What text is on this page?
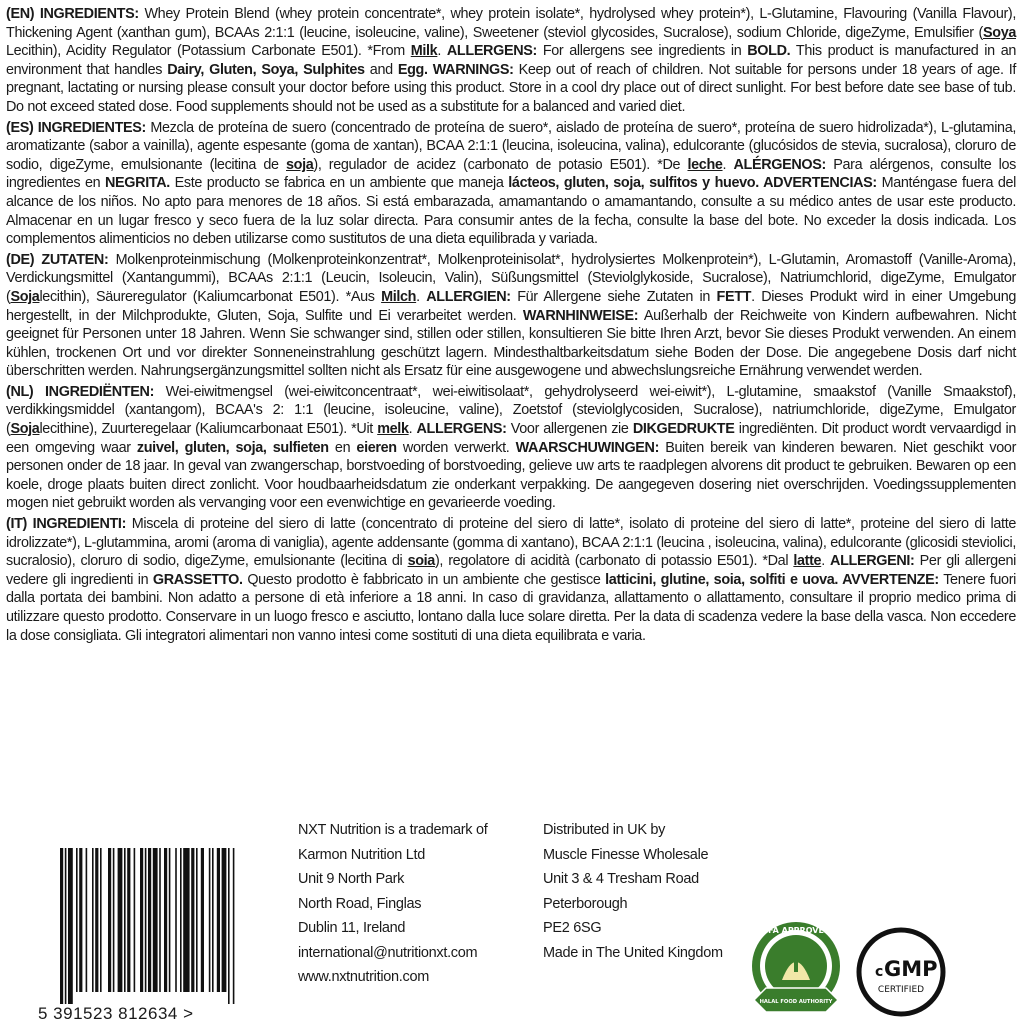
(EN) INGREDIENTS: Whey Protein Blend (whey protein concentrate*, whey protein isolate*, hydrolysed whey protein*), L-Glutamine, Flavouring (Vanilla Flavour), Thickening Agent (xanthan gum), BCAAs 2:1:1 (leucine, isoleucine, valine), Sweetener (steviol glycosides, Sucralose), sodium Chloride, digeZyme, Emulsifier (Soya Lecithin), Acidity Regulator (Potassium Carbonate E501). *From Milk. ALLERGENS: For allergens see ingredients in BOLD. This product is manufactured in an environment that handles Dairy, Gluten, Soya, Sulphites and Egg. WARNINGS: Keep out of reach of children. Not suitable for persons under 18 years of age. If pregnant, lactating or nursing please consult your doctor before using this product. Store in a cool dry place out of direct sunlight. For best before date see base of tub. Do not exceed stated dose. Food supplements should not be used as a substitute for a balanced and varied diet.

(ES) INGREDIENTES: Mezcla de proteína de suero (concentrado de proteína de suero*, aislado de proteína de suero*, proteína de suero hidrolizada*), L-glutamina, aromatizante (sabor a vainilla), agente espesante (goma de xantan), BCAA 2:1:1 (leucina, isoleucina, valina), edulcorante (glucósidos de stevia, sucralosa), cloruro de sodio, digeZyme, emulsionante (lecitina de soja), regulador de acidez (carbonato de potasio E501). *De leche. ALÉRGENOS: Para alérgenos, consulte los ingredientes en NEGRITA. Este producto se fabrica en un ambiente que maneja lácteos, gluten, soja, sulfitos y huevo. ADVERTENCIAS: Manténgase fuera del alcance de los niños. No apto para menores de 18 años. Si está embarazada, amamantando o amamantando, consulte a su médico antes de usar este producto. Almacenar en un lugar fresco y seco fuera de la luz solar directa. Para consumir antes de la fecha, consulte la base del bote. No exceder la dosis indicada. Los complementos alimenticios no deben utilizarse como sustitutos de una dieta equilibrada y variada.

(DE) ZUTATEN: Molkenproteinmischung (Molkenproteinkonzentrat*, Molkenproteinisolat*, hydrolysiertes Molkenprotein*), L-Glutamin, Aromastoff (Vanille-Aroma), Verdickungsmittel (Xantangummi), BCAAs 2:1:1 (Leucin, Isoleucin, Valin), Süßungsmittel (Steviolglykoside, Sucralose), Natriumchlorid, digeZyme, Emulgator (Sojalecithin), Säureregulator (Kaliumcarbonat E501). *Aus Milch. ALLERGIEN: Für Allergene siehe Zutaten in FETT. Dieses Produkt wird in einer Umgebung hergestellt, in der Milchprodukte, Gluten, Soja, Sulfite und Ei verarbeitet werden. WARNHINWEISE: Außerhalb der Reichweite von Kindern aufbewahren. Nicht geeignet für Personen unter 18 Jahren. Wenn Sie schwanger sind, stillen oder stillen, konsultieren Sie bitte Ihren Arzt, bevor Sie dieses Produkt verwenden. An einem kühlen, trockenen Ort und vor direkter Sonneneinstrahlung geschützt lagern. Mindesthaltbarkeitsdatum siehe Boden der Dose. Die angegebene Dosis darf nicht überschritten werden. Nahrungsergänzungsmittel sollten nicht als Ersatz für eine ausgewogene und abwechslungsreiche Ernährung verwendet werden.

(NL) INGREDIËNTEN: Wei-eiwitmengsel (wei-eiwitconcentraat*, wei-eiwitisolaat*, gehydrolyseerd wei-eiwit*), L-glutamine, smaakstof (Vanille Smaakstof), verdikkingsmiddel (xantangom), BCAA's 2: 1:1 (leucine, isoleucine, valine), Zoetstof (steviolglycosiden, Sucralose), natriumchloride, digeZyme, Emulgator (Sojalecithine), Zuurteregelaar (Kaliumcarbonaat E501). *Uit melk. ALLERGENS: Voor allergenen zie DIKGEDRUKTE ingrediënten. Dit product wordt vervaardigd in een omgeving waar zuivel, gluten, soja, sulfieten en eieren worden verwerkt. WAARSCHUWINGEN: Buiten bereik van kinderen bewaren. Niet geschikt voor personen onder de 18 jaar. In geval van zwangerschap, borstvoeding of borstvoeding, gelieve uw arts te raadplegen alvorens dit product te gebruiken. Bewaren op een koele, droge plaats buiten direct zonlicht. Voor houdbaarheidsdatum zie onderkant verpakking. De aangegeven dosering niet overschrijden. Voedingssupplementen mogen niet gebruikt worden als vervanging voor een evenwichtige en gevarieerde voeding.

(IT) INGREDIENTI: Miscela di proteine del siero di latte (concentrato di proteine del siero di latte*, isolato di proteine del siero di latte*, proteine del siero di latte idrolizzate*), L-glutammina, aromi (aroma di vaniglia), agente addensante (gomma di xantano), BCAA 2:1:1 (leucina , isoleucina, valina), edulcorante (glicosidi steviolici, sucralosio), cloruro di sodio, digeZyme, emulsionante (lecitina di soia), regolatore di acidità (carbonato di potassio E501). *Dal latte. ALLERGENI: Per gli allergeni vedere gli ingredienti in GRASSETTO. Questo prodotto è fabbricato in un ambiente che gestisce latticini, glutine, soia, solfiti e uova. AVVERTENZE: Tenere fuori dalla portata dei bambini. Non adatto a persone di età inferiore a 18 anni. In caso di gravidanza, allattamento o allattamento, consultare il proprio medico prima di utilizzare questo prodotto. Conservare in un luogo fresco e asciutto, lontano dalla luce solare diretta. Per la data di scadenza vedere la base della vasca. Non eccedere la dose consigliata. Gli integratori alimentari non vanno intesi come sostituti di una dieta equilibrata e varia.

5 391523 812634 >
NXT Nutrition is a trademark of
Karmon Nutrition Ltd
Unit 9 North Park
North Road, Finglas
Dublin 11, Ireland
international@nutritionxt.com
www.nxtnutrition.com
Distributed in UK by
Muscle Finesse Wholesale
Unit 3 & 4 Tresham Road
Peterborough
PE2 6SG
Made in The United Kingdom
HFA APPROVED
HALAL FOOD AUTHORITY
c GMP
CERTIFIED
